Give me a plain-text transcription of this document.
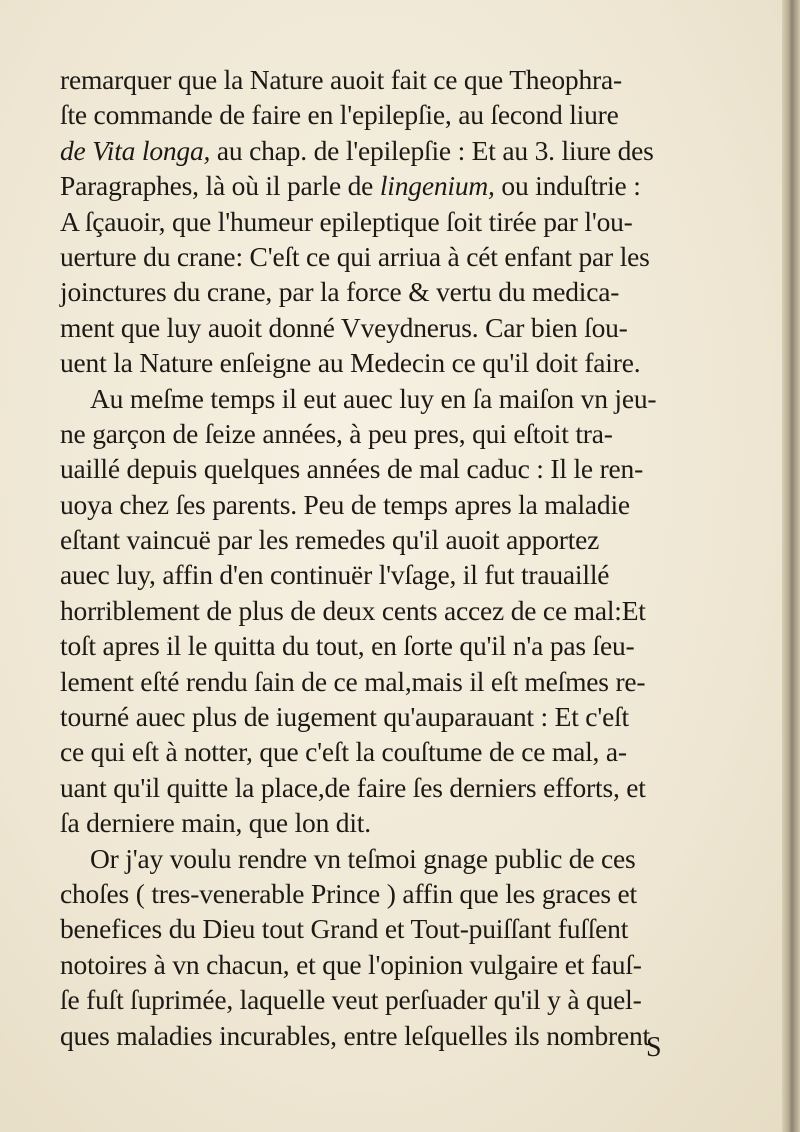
remarquer que la Nature auoit fait ce que Theophra-
ſte commande de faire en l'epilepſie, au ſecond liure
de Vita longa, au chap. de l'epilepſie : Et au 3. liure des
Paragraphes, là où il parle de lingenium, ou induſtrie :
A ſçauoir, que l'humeur epileptique ſoit tirée par l'ou-
uerture du crane: C'eſt ce qui arriua à cét enfant par les
joinctures du crane, par la force & vertu du medica-
ment que luy auoit donné Vveydnerus. Car bien ſou-
uent la Nature enſeigne au Medecin ce qu'il doit faire.
Au meſme temps il eut auec luy en ſa maiſon vn jeu-
ne garçon de ſeize années, à peu pres, qui eſtoit tra-
uaillé depuis quelques années de mal caduc : Il le ren-
uoya chez ſes parents. Peu de temps apres la maladie
eſtant vaincuë par les remedes qu'il auoit apportez
auec luy, affin d'en continuër l'vſage, il fut trauaillé
horriblement de plus de deux cents accez de ce mal:Et
toſt apres il le quitta du tout, en ſorte qu'il n'a pas ſeu-
lement eſté rendu ſain de ce mal,mais il eſt meſmes re-
tourné auec plus de iugement qu'auparauant : Et c'eſt
ce qui eſt à notter, que c'eſt la couſtume de ce mal, a-
uant qu'il quitte la place,de faire ſes derniers efforts, et
ſa derniere main, que lon dit.
Or j'ay voulu rendre vn teſmoi gnage public de ces
choſes ( tres-venerable Prince ) affin que les graces et
benefices du Dieu tout Grand et Tout-puiſſant fuſſent
notoires à vn chacun, et que l'opinion vulgaire et fauſ-
ſe fuſt ſuprimée, laquelle veut perſuader qu'il y à quel-
ques maladies incurables, entre leſquelles ils nombrent
S
